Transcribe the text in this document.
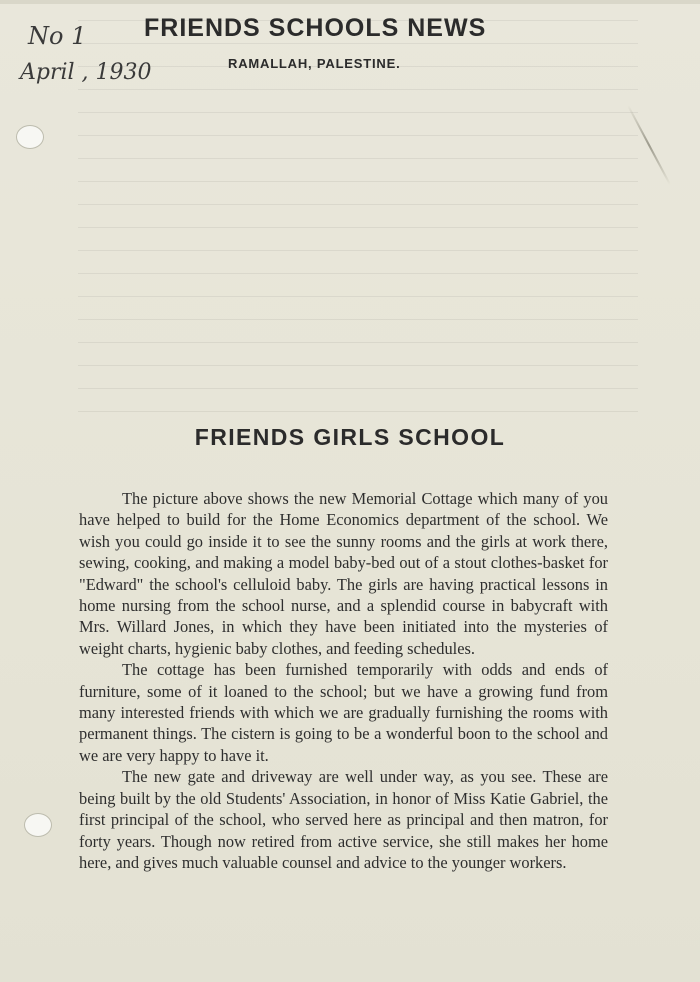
FRIENDS SCHOOLS NEWS
RAMALLAH, PALESTINE.
No 1
April , 1930
FRIENDS GIRLS SCHOOL

The picture above shows the new Memorial Cottage which many of you have helped to build for the Home Economics department of the school. We wish you could go inside it to see the sunny rooms and the girls at work there, sewing, cooking, and making a model baby-bed out of a stout clothes-basket for "Edward" the school's celluloid baby. The girls are having practical lessons in home nursing from the school nurse, and a splendid course in babycraft with Mrs. Willard Jones, in which they have been initiated into the mysteries of weight charts, hygienic baby clothes, and feeding schedules.

The cottage has been furnished temporarily with odds and ends of furniture, some of it loaned to the school; but we have a growing fund from many interested friends with which we are gradually furnishing the rooms with permanent things. The cistern is going to be a wonderful boon to the school and we are very happy to have it.

The new gate and driveway are well under way, as you see. These are being built by the old Students' Association, in honor of Miss Katie Gabriel, the first principal of the school, who served here as principal and then matron, for forty years. Though now retired from active service, she still makes her home here, and gives much valuable counsel and advice to the younger workers.
